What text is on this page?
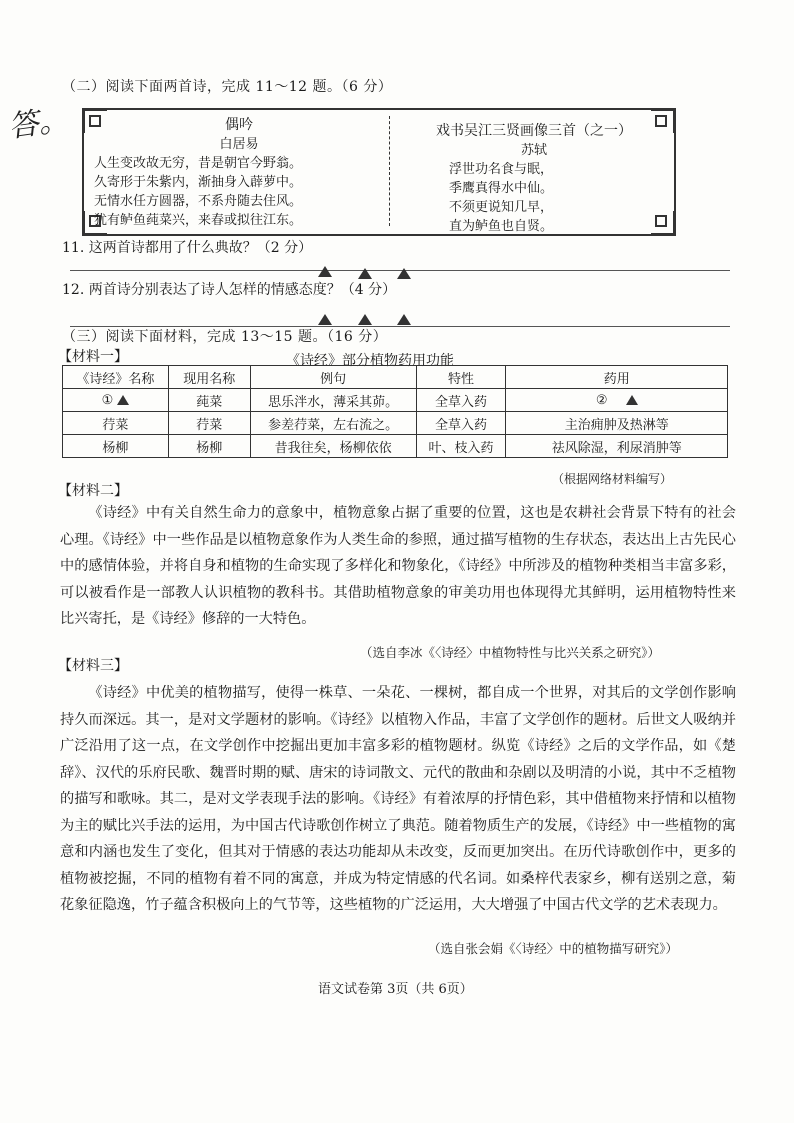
答。
（二）阅读下面两首诗，完成 11～12 题。（6 分）
偶吟
白居易
人生变改故无穷，昔是朝官今野翁。
久寄形于朱紫内，渐抽身入薜萝中。
无情水任方圆器，不系舟随去住风。
犹有鲈鱼莼菜兴，来春或拟往江东。
戏书吴江三贤画像三首（之一）
苏轼
浮世功名食与眠，
季鹰真得水中仙。
不须更说知几早，
直为鲈鱼也自贤。
11. 这两首诗都用了什么典故？（2 分）
12. 两首诗分别表达了诗人怎样的情感态度？（4 分）
（三）阅读下面材料，完成 13～15 题。（16 分）
【材料一】	《诗经》部分植物药用功能
《诗经》名称	现用名称	例句	特性	药用
①	莼菜	思乐泮水，薄采其茆。	全草入药	②
荇菜	荇菜	参差荇菜，左右流之。	全草入药	主治痈肿及热淋等
杨柳	杨柳	昔我往矣，杨柳依依	叶、枝入药	祛风除湿，利尿消肿等
（根据网络材料编写）
【材料二】

《诗经》中有关自然生命力的意象中，植物意象占据了重要的位置，这也是农耕社会背景下特有的社会心理。《诗经》中一些作品是以植物意象作为人类生命的参照，通过描写植物的生存状态，表达出上古先民心中的感情体验，并将自身和植物的生命实现了多样化和物象化，《诗经》中所涉及的植物种类相当丰富多彩，可以被看作是一部教人认识植物的教科书。其借助植物意象的审美功用也体现得尤其鲜明，运用植物特性来比兴寄托，是《诗经》修辞的一大特色。

（选自李冰《〈诗经〉中植物特性与比兴关系之研究》）
【材料三】

《诗经》中优美的植物描写，使得一株草、一朵花、一棵树，都自成一个世界，对其后的文学创作影响持久而深远。其一，是对文学题材的影响。《诗经》以植物入作品，丰富了文学创作的题材。后世文人吸纳并广泛沿用了这一点，在文学创作中挖掘出更加丰富多彩的植物题材。纵览《诗经》之后的文学作品，如《楚辞》、汉代的乐府民歌、魏晋时期的赋、唐宋的诗词散文、元代的散曲和杂剧以及明清的小说，其中不乏植物的描写和歌咏。其二，是对文学表现手法的影响。《诗经》有着浓厚的抒情色彩，其中借植物来抒情和以植物为主的赋比兴手法的运用，为中国古代诗歌创作树立了典范。随着物质生产的发展，《诗经》中一些植物的寓意和内涵也发生了变化，但其对于情感的表达功能却从未改变，反而更加突出。在历代诗歌创作中，更多的植物被挖掘，不同的植物有着不同的寓意，并成为特定情感的代名词。如桑梓代表家乡，柳有送别之意，菊花象征隐逸，竹子蕴含积极向上的气节等，这些植物的广泛运用，大大增强了中国古代文学的艺术表现力。

（选自张会娟《〈诗经〉中的植物描写研究》）
语文试卷第 3页（共 6页）
